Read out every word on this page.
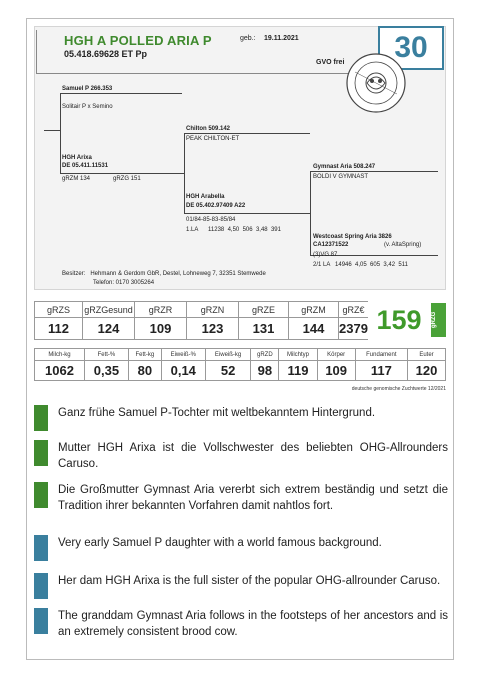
HGH A POLLED ARIA P
05.418.69628 ET Pp
geb.: 19.11.2021
GVO frei	30
Samuel P 266.353
Solitair P x Semino
HGH Arixa
DE 05.411.11531
gRZM 134	gRZG 151
Chilton 509.142
PEAK CHILTON-ET
HGH Arabella
DE 05.402.97409 A22
01/84-85-83-85/84
1.LA      11238  4,50  506  3,48  391
Gymnast Aria 508.247
BOLDI V GYMNAST
Westcoast Spring Aria 3826
CA12371522	(v. AltaSpring)
(3)VG 87
2/1 LA   14946  4,05  605  3,42  511
Besitzer:   Hehmann & Gerdom GbR, Destel, Lohneweg 7, 32351 Stemwede
Telefon: 0170 3005264
gRZS	gRZGesund	gRZR	gRZN	gRZE	gRZM	gRZ€
112	124	109	123	131	144	2379 159	gRZG
Milch-kg	Fett-%	Fett-kg	Eiweiß-%	Eiweiß-kg	gRZD	Milchtyp	Körper	Fundament	Euter
1062	0,35	80	0,14	52	98	119	109	117	120
deutsche genomische Zuchtwerte 12/2021
Ganz frühe Samuel P-Tochter mit weltbekanntem Hintergrund.
Mutter HGH Arixa ist die Vollschwester des beliebten OHG-Allrounders Caruso.
Die Großmutter Gymnast Aria vererbt sich extrem beständig und setzt die Tradition ihrer bekannten Vorfahren damit nahtlos fort.
Very early Samuel P daughter with a world famous background.
Her dam HGH Arixa is the full sister of the popular OHG-allrounder Caruso.
The granddam Gymnast Aria follows in the footsteps of her ancestors and is an extremely consistent brood cow.
